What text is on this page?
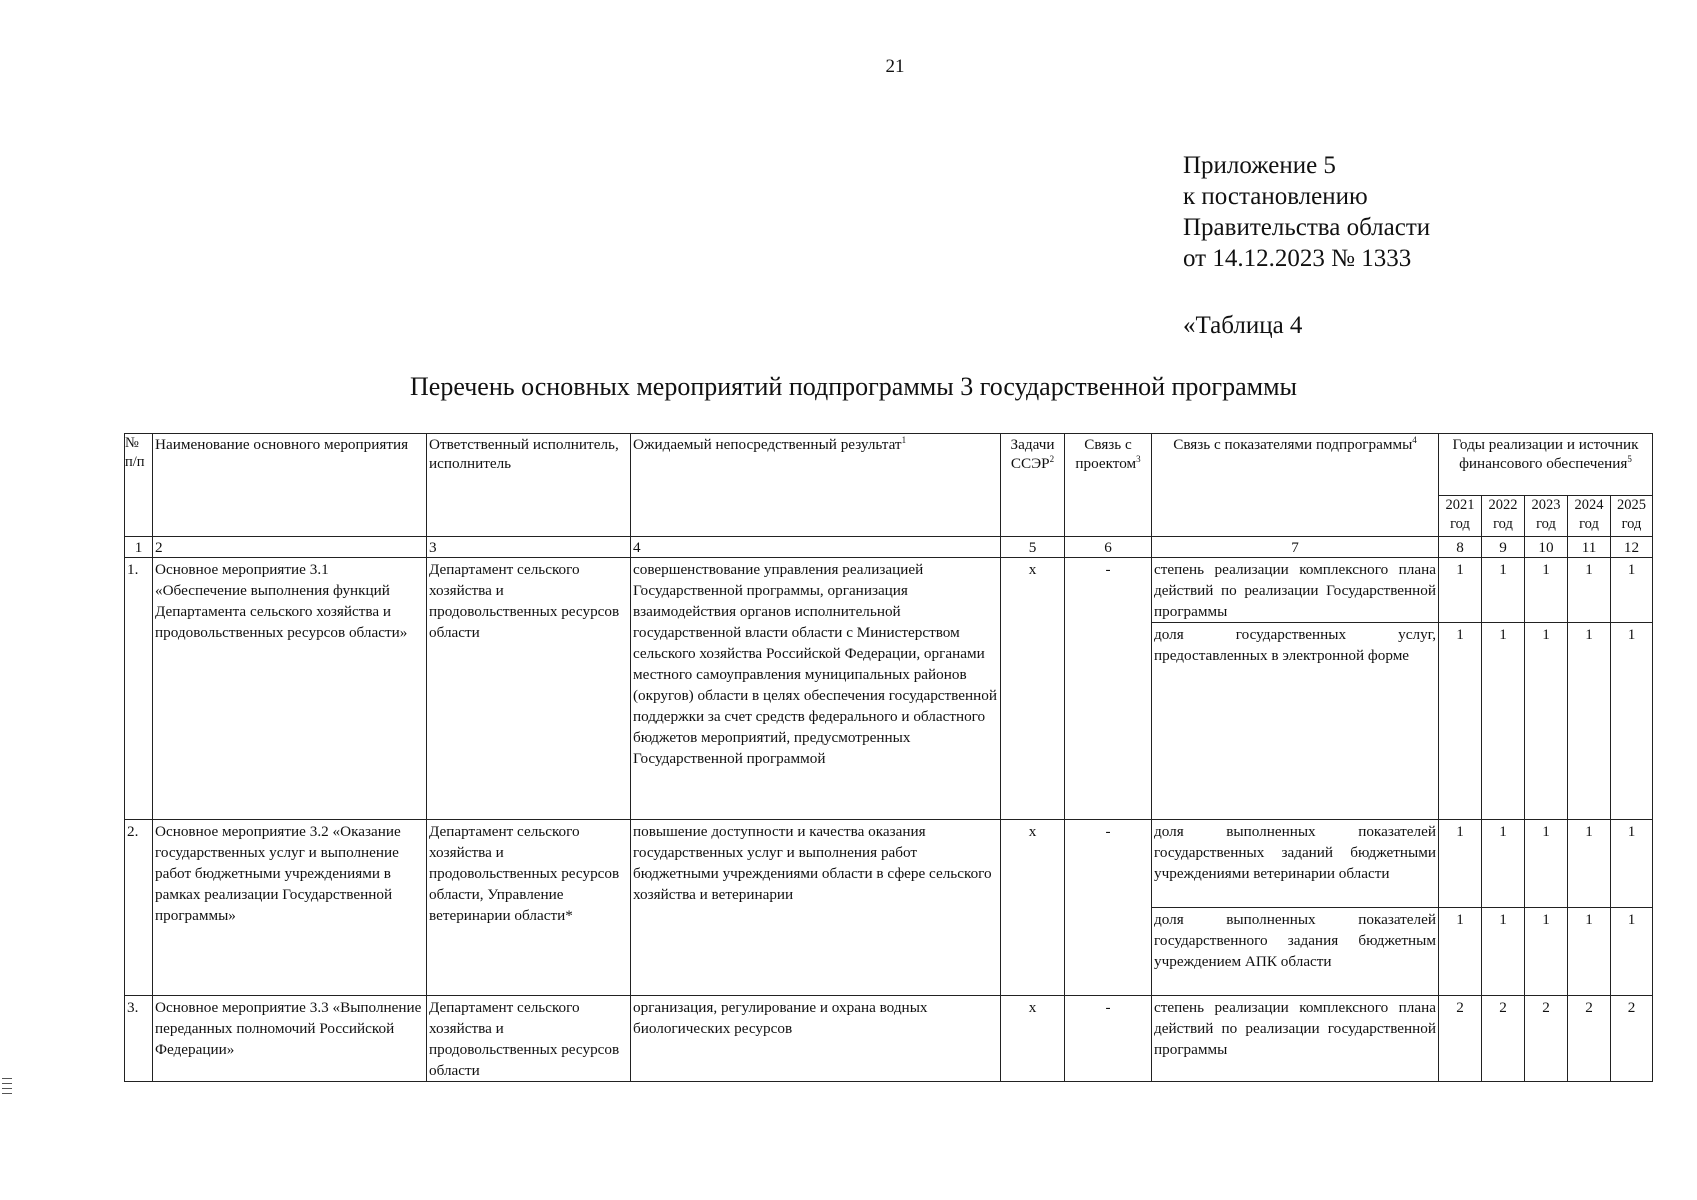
21
Приложение 5
к постановлению
Правительства области
от 14.12.2023 № 1333
«Таблица 4
Перечень основных мероприятий подпрограммы 3 государственной программы
№ п/п	Наименование основного мероприятия	Ответственный исполнитель, исполнитель	Ожидаемый непосредственный результат$^1$	Задачи ССЭР$^2$	Связь с проектом$^3$	Связь с показателями подпрограммы$^4$	Годы реализации и источник финансового обеспечения$^5$
							2021 год	2022 год	2023 год	2024 год	2025 год
1	2	3	4	5	6	7	8	9	10	11	12
1.	Основное мероприятие 3.1 «Обеспечение выполнения функций Департамента сельского хозяйства и продовольственных ресурсов области»	Департамент сельского хозяйства и продовольственных ресурсов области	совершенствование управления реализацией Государственной программы, организация взаимодействия органов исполнительной государственной власти области с Министерством сельского хозяйства Российской Федерации, органами местного самоуправления муниципальных районов (округов) области в целях обеспечения государственной поддержки за счет средств федерального и областного бюджетов мероприятий, предусмотренных Государственной программой	х	-	степень реализации комплексного плана действий по реализации Государственной программы	1	1	1	1	1
						доля государственных услуг, предоставленных в электронной форме	1	1	1	1	1
2.	Основное мероприятие 3.2 «Оказание государственных услуг и выполнение работ бюджетными учреждениями в рамках реализации Государственной программы»	Департамент сельского хозяйства и продовольственных ресурсов области, Управление ветеринарии области*	повышение доступности и качества оказания государственных услуг и выполнения работ бюджетными учреждениями области в сфере сельского хозяйства и ветеринарии	х	-	доля выполненных показателей государственных заданий бюджетными учреждениями ветеринарии области	1	1	1	1	1
						доля выполненных показателей государственного задания бюджетным учреждением АПК области	1	1	1	1	1
3.	Основное мероприятие 3.3 «Выполнение переданных полномочий Российской Федерации»	Департамент сельского хозяйства и продовольственных ресурсов области	организация, регулирование и охрана водных биологических ресурсов	х	-	степень реализации комплексного плана действий по реализации государственной программы	2	2	2	2	2
